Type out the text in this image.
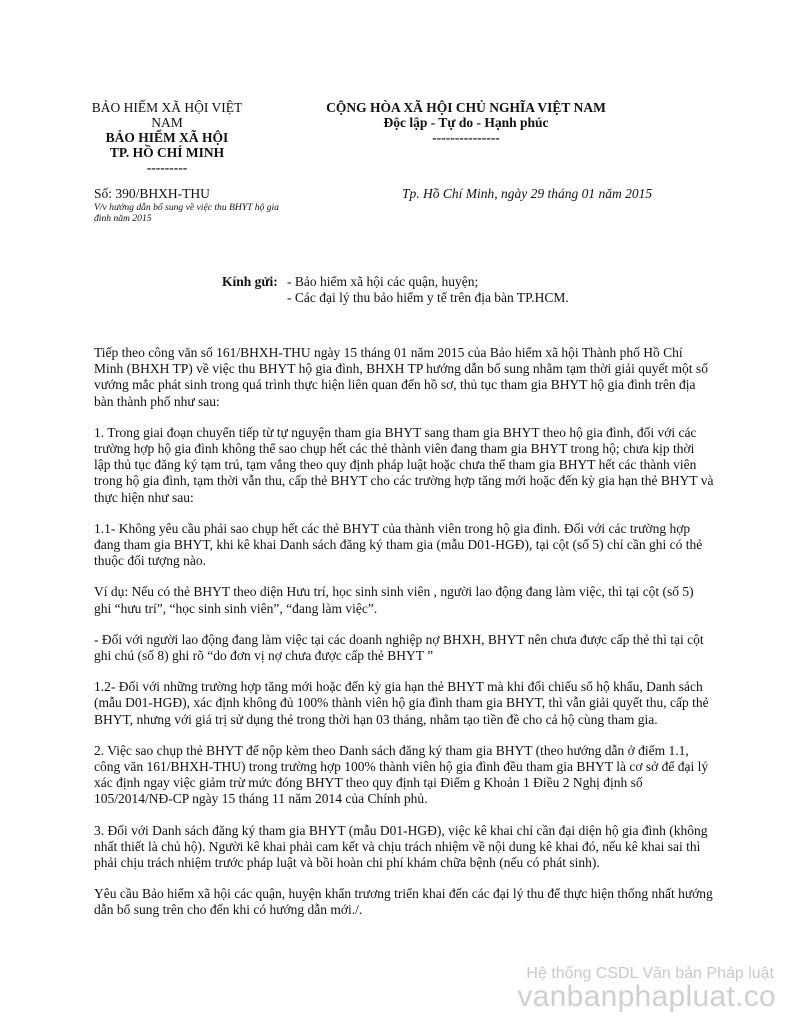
BẢO HIỂM XÃ HỘI VIỆT NAM
BẢO HIỂM XÃ HỘI
TP. HỒ CHÍ MINH
---------
CỘNG HÒA XÃ HỘI CHỦ NGHĨA VIỆT NAM
Độc lập - Tự do - Hạnh phúc
---------------
Số: 390/BHXH-THU
V/v hướng dẫn bổ sung về việc thu BHYT hộ gia đình năm 2015
Tp. Hồ Chí Minh, ngày 29 tháng 01 năm 2015
Kính gửi: - Bảo hiểm xã hội các quận, huyện;
- Các đại lý thu bảo hiểm y tế trên địa bàn TP.HCM.

Tiếp theo công văn số 161/BHXH-THU ngày 15 tháng 01 năm 2015 của Bảo hiểm xã hội Thành phố Hồ Chí Minh (BHXH TP) về việc thu BHYT hộ gia đình, BHXH TP hướng dẫn bổ sung nhằm tạm thời giải quyết một số vướng mắc phát sinh trong quá trình thực hiện liên quan đến hồ sơ, thủ tục tham gia BHYT hộ gia đình trên địa bàn thành phố như sau:

1. Trong giai đoạn chuyển tiếp từ tự nguyện tham gia BHYT sang tham gia BHYT theo hộ gia đình, đối với các trường hợp hộ gia đình không thể sao chụp hết các thẻ thành viên đang tham gia BHYT trong hộ; chưa kịp thời lập thủ tục đăng ký tạm trú, tạm vắng theo quy định pháp luật hoặc chưa thể tham gia BHYT hết các thành viên trong hộ gia đình, tạm thời vẫn thu, cấp thẻ BHYT cho các trường hợp tăng mới hoặc đến kỳ gia hạn thẻ BHYT và thực hiện như sau:

1.1- Không yêu cầu phải sao chụp hết các thẻ BHYT của thành viên trong hộ gia đình. Đối với các trường hợp đang tham gia BHYT, khi kê khai Danh sách đăng ký tham gia (mẫu D01-HGĐ), tại cột (số 5) chỉ cần ghi có thẻ thuộc đối tượng nào.

Ví dụ: Nếu có thẻ BHYT theo diện Hưu trí, học sinh sinh viên , người lao động đang làm việc, thì tại cột (số 5) ghi “hưu trí”, “học sinh sinh viên”, “đang làm việc”.

- Đối với người lao động đang làm việc tại các doanh nghiệp nợ BHXH, BHYT nên chưa được cấp thẻ thì tại cột ghi chú (số 8) ghi rõ “do đơn vị nợ chưa được cấp thẻ BHYT ”

1.2- Đối với những trường hợp tăng mới hoặc đến kỳ gia hạn thẻ BHYT mà khi đối chiếu sổ hộ khẩu, Danh sách (mẫu D01-HGĐ), xác định không đủ 100% thành viên hộ gia đình tham gia BHYT, thì vẫn giải quyết thu, cấp thẻ BHYT, nhưng với giá trị sử dụng thẻ trong thời hạn 03 tháng, nhằm tạo tiền đề cho cả hộ cùng tham gia.

2. Việc sao chụp thẻ BHYT để nộp kèm theo Danh sách đăng ký tham gia BHYT (theo hướng dẫn ở điểm 1.1, công văn 161/BHXH-THU) trong trường hợp 100% thành viên hộ gia đình đều tham gia BHYT là cơ sở để đại lý xác định ngay việc giảm trừ mức đóng BHYT theo quy định tại Điểm g Khoản 1 Điều 2 Nghị định số 105/2014/NĐ-CP ngày 15 tháng 11 năm 2014 của Chính phủ.

3. Đối với Danh sách đăng ký tham gia BHYT (mẫu D01-HGĐ), việc kê khai chỉ cần đại diện hộ gia đình (không nhất thiết là chủ hộ). Người kê khai phải cam kết và chịu trách nhiệm về nội dung kê khai đó, nếu kê khai sai thì phải chịu trách nhiệm trước pháp luật và bồi hoàn chi phí khám chữa bệnh (nếu có phát sinh).

Yêu cầu Bảo hiểm xã hội các quận, huyện khẩn trương triển khai đến các đại lý thu để thực hiện thống nhất hướng dẫn bổ sung trên cho đến khi có hướng dẫn mới./.

Hệ thống CSDL Văn bản Pháp luật
vanbanphapluat.co
